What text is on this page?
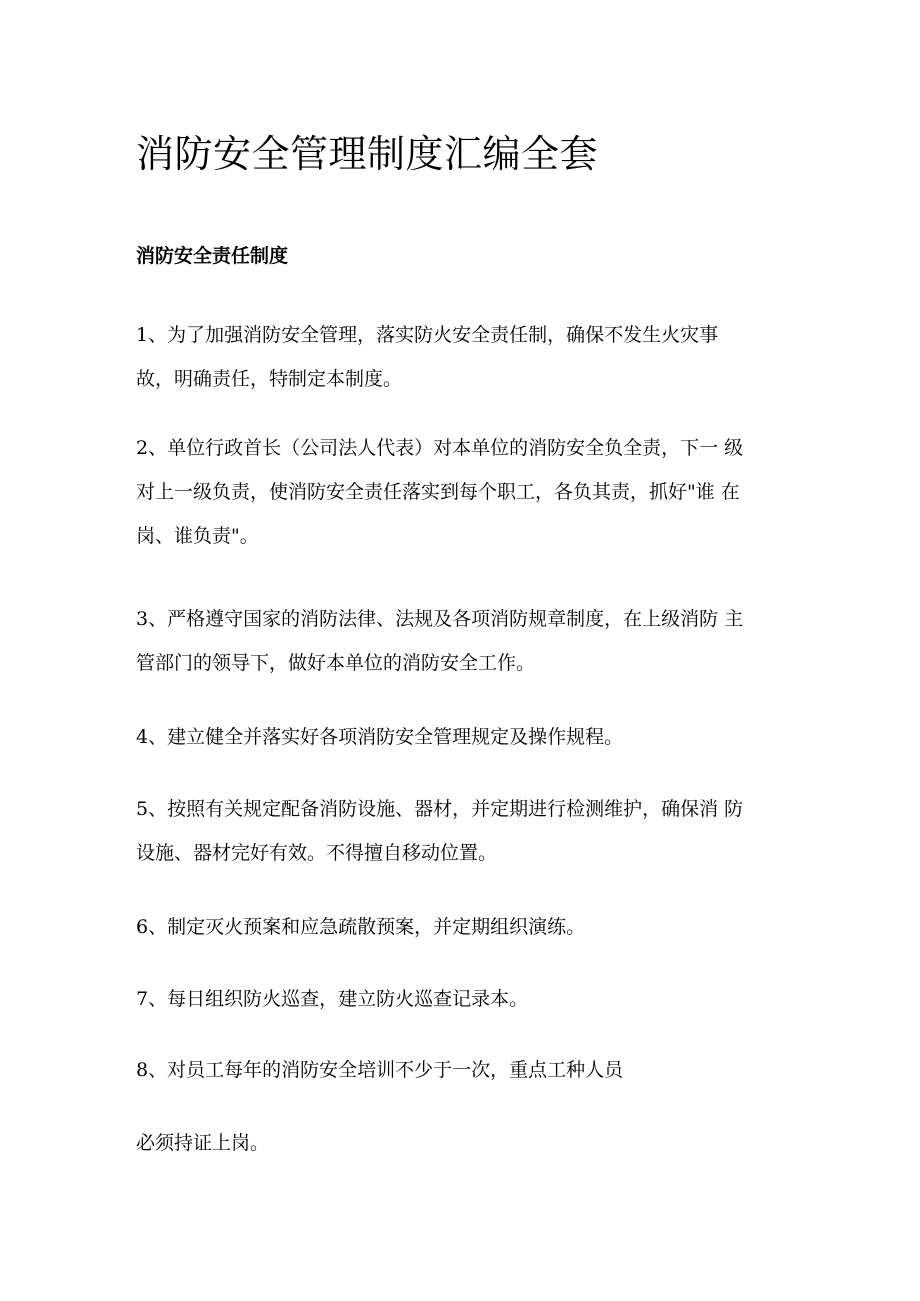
消防安全管理制度汇编全套
消防安全责任制度
1、为了加强消防安全管理，落实防火安全责任制，确保不发生火灾事
故，明确责任，特制定本制度。
2、单位行政首长（公司法人代表）对本单位的消防安全负全责，下一 级
对上一级负责，使消防安全责任落实到每个职工，各负其责，抓好"谁 在
岗、谁负责"。
3、严格遵守国家的消防法律、法规及各项消防规章制度，在上级消防 主
管部门的领导下，做好本单位的消防安全工作。
4、建立健全并落实好各项消防安全管理规定及操作规程。
5、按照有关规定配备消防设施、器材，并定期进行检测维护，确保消 防
设施、器材完好有效。不得擅自移动位置。
6、制定灭火预案和应急疏散预案，并定期组织演练。
7、每日组织防火巡查，建立防火巡查记录本。
8、对员工每年的消防安全培训不少于一次，重点工种人员
必须持证上岗。
